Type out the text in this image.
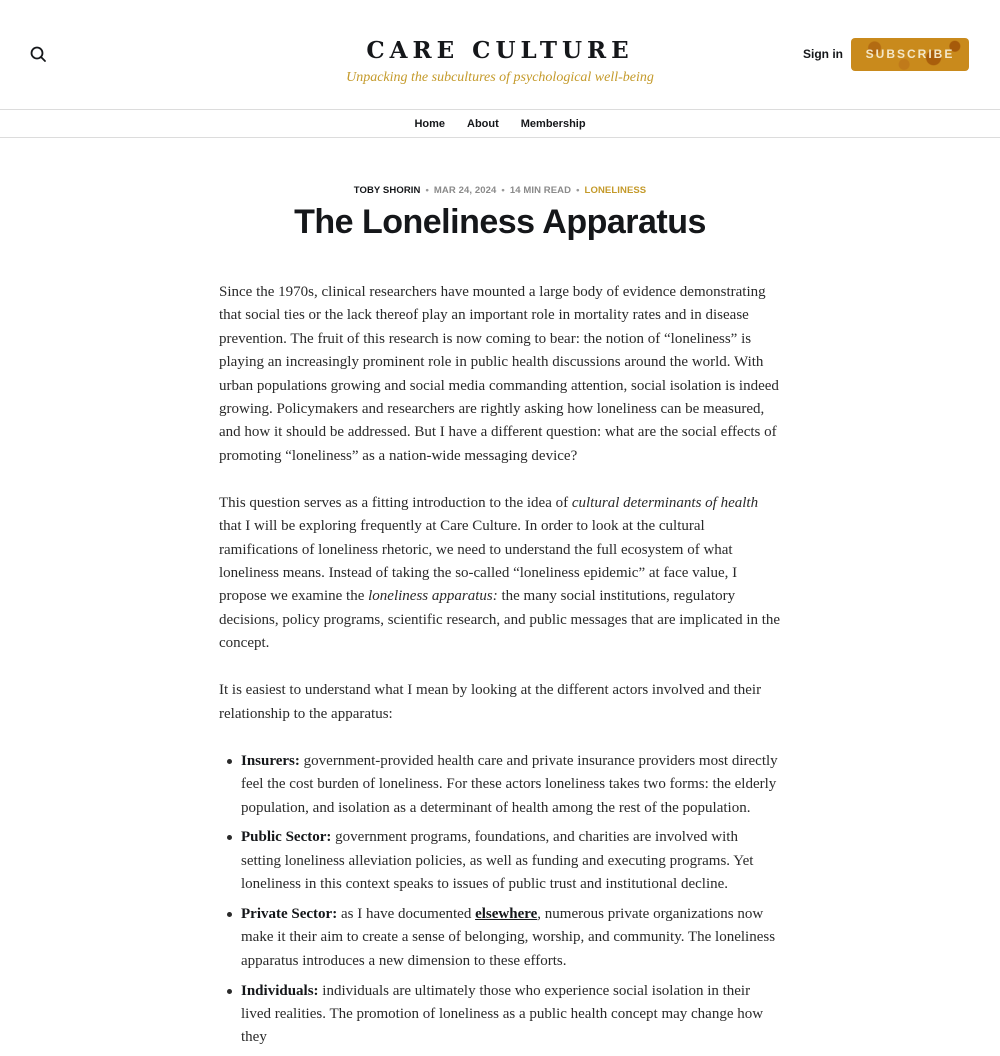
CARE CULTURE
Unpacking the subcultures of psychological well-being
Sign in	SUBSCRIBE
Home About Membership
TOBY SHORIN • MAR 24, 2024 • 14 MIN READ • LONELINESS
The Loneliness Apparatus

Since the 1970s, clinical researchers have mounted a large body of evidence demonstrating that social ties or the lack thereof play an important role in mortality rates and in disease prevention. The fruit of this research is now coming to bear: the notion of “loneliness” is playing an increasingly prominent role in public health discussions around the world. With urban populations growing and social media commanding attention, social isolation is indeed growing. Policymakers and researchers are rightly asking how loneliness can be measured, and how it should be addressed. But I have a different question: what are the social effects of promoting “loneliness” as a nation-wide messaging device?

This question serves as a fitting introduction to the idea of cultural determinants of health that I will be exploring frequently at Care Culture. In order to look at the cultural ramifications of loneliness rhetoric, we need to understand the full ecosystem of what loneliness means. Instead of taking the so-called “loneliness epidemic” at face value, I propose we examine the loneliness apparatus: the many social institutions, regulatory decisions, policy programs, scientific research, and public messages that are implicated in the concept.

It is easiest to understand what I mean by looking at the different actors involved and their relationship to the apparatus:

Insurers: government-provided health care and private insurance providers most directly feel the cost burden of loneliness. For these actors loneliness takes two forms: the elderly population, and isolation as a determinant of health among the rest of the population.
Public Sector: government programs, foundations, and charities are involved with setting loneliness alleviation policies, as well as funding and executing programs. Yet loneliness in this context speaks to issues of public trust and institutional decline.
Private Sector: as I have documented elsewhere, numerous private organizations now make it their aim to create a sense of belonging, worship, and community. The loneliness apparatus introduces a new dimension to these efforts.
Individuals: individuals are ultimately those who experience social isolation in their lived realities. The promotion of loneliness as a public health concept may change how they
